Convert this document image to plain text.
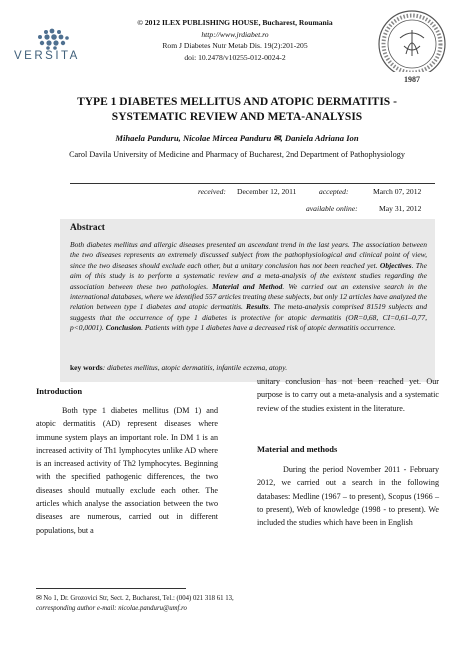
VERSITA
© 2012 ILEX PUBLISHING HOUSE, Bucharest, Roumania
http://www.jrdiabet.ro
Rom J Diabetes Nutr Metab Dis. 19(2):201-205
doi: 10.2478/v10255-012-0024-2
1987
TYPE 1 DIABETES MELLITUS AND ATOPIC DERMATITIS -
SYSTEMATIC REVIEW AND META-ANALYSIS
Mihaela Panduru, Nicolae Mircea Panduru ✉, Daniela Adriana Ion
Carol Davila University of Medicine and Pharmacy of Bucharest, 2nd Department of Pathophysiology
received: December 12, 2011	accepted:	March 07, 2012
available online:	May 31, 2012
Abstract
Both diabetes mellitus and allergic diseases presented an ascendant trend in the last years. The association between the two diseases represents an extremely discussed subject from the pathophysiological and clinical point of view, since the two diseases should exclude each other, but a unitary conclusion has not been reached yet. Objectives. The aim of this study is to perform a systematic review and a meta-analysis of the existent studies regarding the association between these two pathologies. Material and Method. We carried out an extensive search in the international databases, where we identified 557 articles treating these subjects, but only 12 articles have analyzed the relation between type 1 diabetes and atopic dermatitis. Results. The meta-analysis comprised 81519 subjects and suggests that the occurrence of type 1 diabetes is protective for atopic dermatitis (OR=0,68, CI=0,61–0,77, p<0,0001). Conclusion. Patients with type 1 diabetes have a decreased risk of atopic dermatitis occurrence.
key words: diabetes mellitus, atopic dermatitis, infantile eczema, atopy.
Introduction
Both type 1 diabetes mellitus (DM 1) and atopic dermatitis (AD) represent diseases where immune system plays an important role. In DM 1 is an increased activity of Th1 lymphocytes unlike AD where is an increased activity of Th2 lymphocytes. Beginning with the specified pathogenic differences, the two diseases should mutually exclude each other. The articles which analyse the association between the two diseases are numerous, carried out in different populations, but a
unitary conclusion has not been reached yet. Our purpose is to carry out a meta-analysis and a systematic review of the studies existent in the literature.
Material and methods
During the period November 2011 - February 2012, we carried out a search in the following databases: Medline (1967 – to present), Scopus (1966 – to present), Web of knowledge (1998 - to present). We included the studies which have been in English
✉ No 1, Dr. Grozovici Str, Sect. 2, Bucharest, Tel.: (004) 021 318 61 13,
corresponding author e-mail: nicolae.panduru@umf.ro
